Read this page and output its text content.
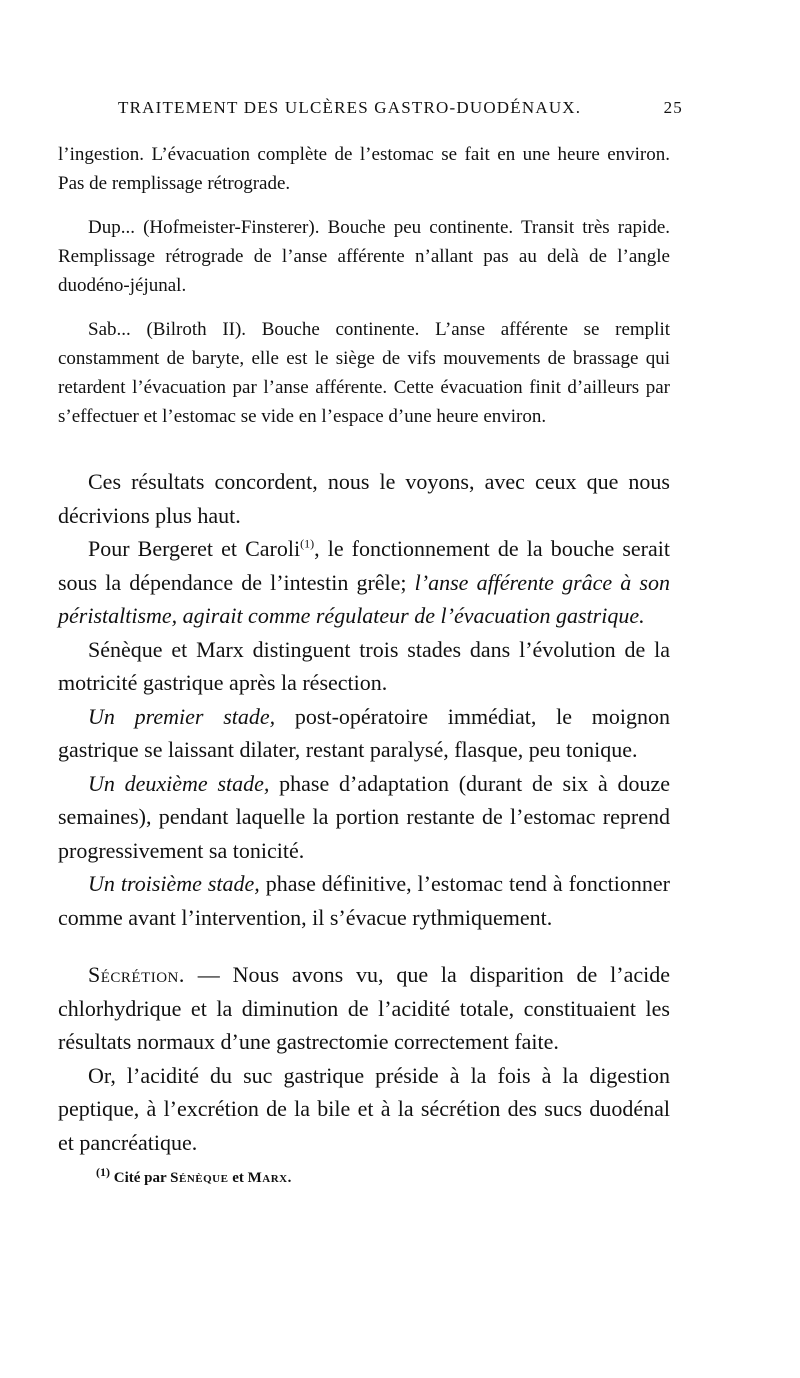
TRAITEMENT DES ULCÈRES GASTRO-DUODÉNAUX.	25

l’ingestion. L’évacuation complète de l’estomac se fait en une heure environ. Pas de remplissage rétrograde.

Dup... (Hofmeister-Finsterer). Bouche peu continente. Transit très rapide. Remplissage rétrograde de l’anse afférente n’allant pas au delà de l’angle duodéno-jéjunal.

Sab... (Bilroth II). Bouche continente. L’anse afférente se remplit constamment de baryte, elle est le siège de vifs mouvements de brassage qui retardent l’évacuation par l’anse afférente. Cette évacuation finit d’ailleurs par s’effectuer et l’estomac se vide en l’espace d’une heure environ.

Ces résultats concordent, nous le voyons, avec ceux que nous décrivions plus haut.

Pour Bergeret et Caroli$^{(1)}$, le fonctionnement de la bouche serait sous la dépendance de l’intestin grêle; l’anse afférente grâce à son péristaltisme, agirait comme régulateur de l’évacuation gastrique.

Sénèque et Marx distinguent trois stades dans l’évolution de la motricité gastrique après la résection.

Un premier stade, post-opératoire immédiat, le moignon gastrique se laissant dilater, restant paralysé, flasque, peu tonique.

Un deuxième stade, phase d’adaptation (durant de six à douze semaines), pendant laquelle la portion restante de l’estomac reprend progressivement sa tonicité.

Un troisième stade, phase définitive, l’estomac tend à fonctionner comme avant l’intervention, il s’évacue rythmiquement.

Sécrétion. — Nous avons vu, que la disparition de l’acide chlorhydrique et la diminution de l’acidité totale, constituaient les résultats normaux d’une gastrectomie correctement faite.

Or, l’acidité du suc gastrique préside à la fois à la digestion peptique, à l’excrétion de la bile et à la sécrétion des sucs duodénal et pancréatique.

$^{(1)}$ Cité par Sénèque et Marx.
